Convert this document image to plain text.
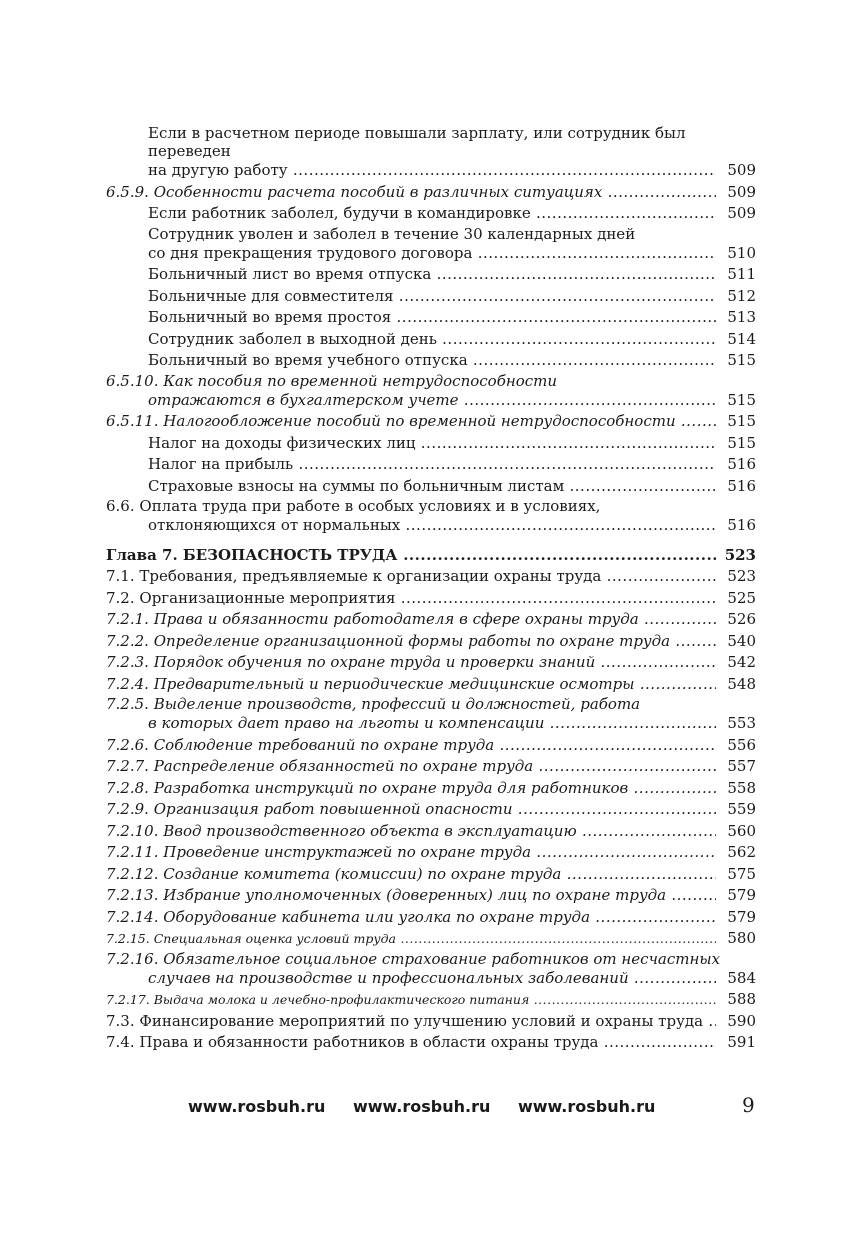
Если в расчетном периоде повышали зарплату, или сотрудник был переведен
на другую работу .....	509
6.5.9. Особенности расчета пособий в различных ситуациях .....	509
Если работник заболел, будучи в командировке .....	509
Сотрудник уволен и заболел в течение 30 календарных дней
со дня прекращения трудового договора .....	510
Больничный лист во время отпуска .....	511
Больничные для совместителя .....	512
Больничный во время простоя .....	513
Сотрудник заболел в выходной день .....	514
Больничный во время учебного отпуска .....	515
6.5.10. Как пособия по временной нетрудоспособности
отражаются в бухгалтерском учете .....	515
6.5.11. Налогообложение пособий по временной нетрудоспособности .....	515
Налог на доходы физических лиц .....	515
Налог на прибыль .....	516
Страховые взносы на суммы по больничным листам .....	516
6.6. Оплата труда при работе в особых условиях и в условиях,
отклоняющихся от нормальных .....	516
Глава 7. БЕЗОПАСНОСТЬ ТРУДА .....	523
7.1. Требования, предъявляемые к организации охраны труда .....	523
7.2. Организационные мероприятия .....	525
7.2.1. Права и обязанности работодателя в сфере охраны труда .....	526
7.2.2. Определение организационной формы работы по охране труда .....	540
7.2.3. Порядок обучения по охране труда и проверки знаний .....	542
7.2.4. Предварительный и периодические медицинские осмотры .....	548
7.2.5. Выделение производств, профессий и должностей, работа
в которых дает право на льготы и компенсации .....	553
7.2.6. Соблюдение требований по охране труда .....	556
7.2.7. Распределение обязанностей по охране труда .....	557
7.2.8. Разработка инструкций по охране труда для работников .....	558
7.2.9. Организация работ повышенной опасности .....	559
7.2.10. Ввод производственного объекта в эксплуатацию .....	560
7.2.11. Проведение инструктажей по охране труда .....	562
7.2.12. Создание комитета (комиссии) по охране труда .....	575
7.2.13. Избрание уполномоченных (доверенных) лиц по охране труда .....	579
7.2.14. Оборудование кабинета или уголка по охране труда .....	579
7.2.15. Специальная оценка условий труда .....	580
7.2.16. Обязательное социальное страхование работников от несчастных
случаев на производстве и профессиональных заболеваний .....	584
7.2.17. Выдача молока и лечебно-профилактического питания .....	588
7.3. Финансирование мероприятий по улучшению условий и охраны труда .....	590
7.4. Права и обязанности работников в области охраны труда .....	591
www.rosbuh.ru www.rosbuh.ru www.rosbuh.ru	9
